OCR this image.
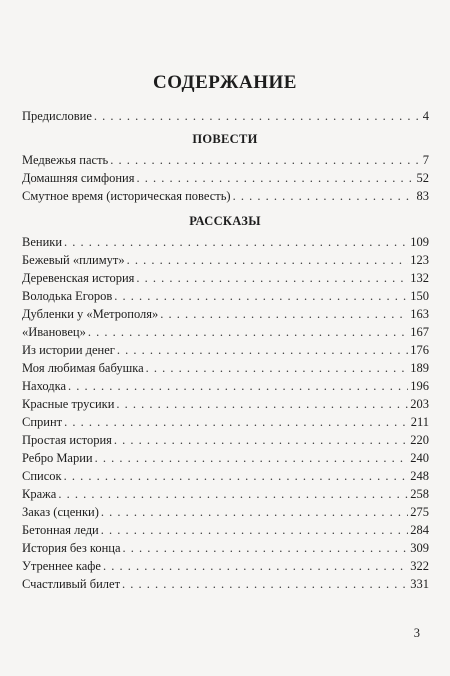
СОДЕРЖАНИЕ
Предисловие . . .	4
ПОВЕСТИ
Медвежья пасть . . .	7
Домашняя симфония . . .	52
Смутное время (историческая повесть) . . .	83
РАССКАЗЫ
Веники . . .	109
Бежевый «плимут» . . .	123
Деревенская история . . .	132
Володька Егоров . . .	150
Дубленки у «Метрополя» . . .	163
«Ивановец» . . .	167
Из истории денег . . .	176
Моя любимая бабушка . . .	189
Находка . . .	196
Красные трусики . . .	203
Спринт . . .	211
Простая история . . .	220
Ребро Марии . . .	240
Список . . .	248
Кража . . .	258
Заказ (сценки) . . .	275
Бетонная леди . . .	284
История без конца . . .	309
Утреннее кафе . . .	322
Счастливый билет . . .	331
3
